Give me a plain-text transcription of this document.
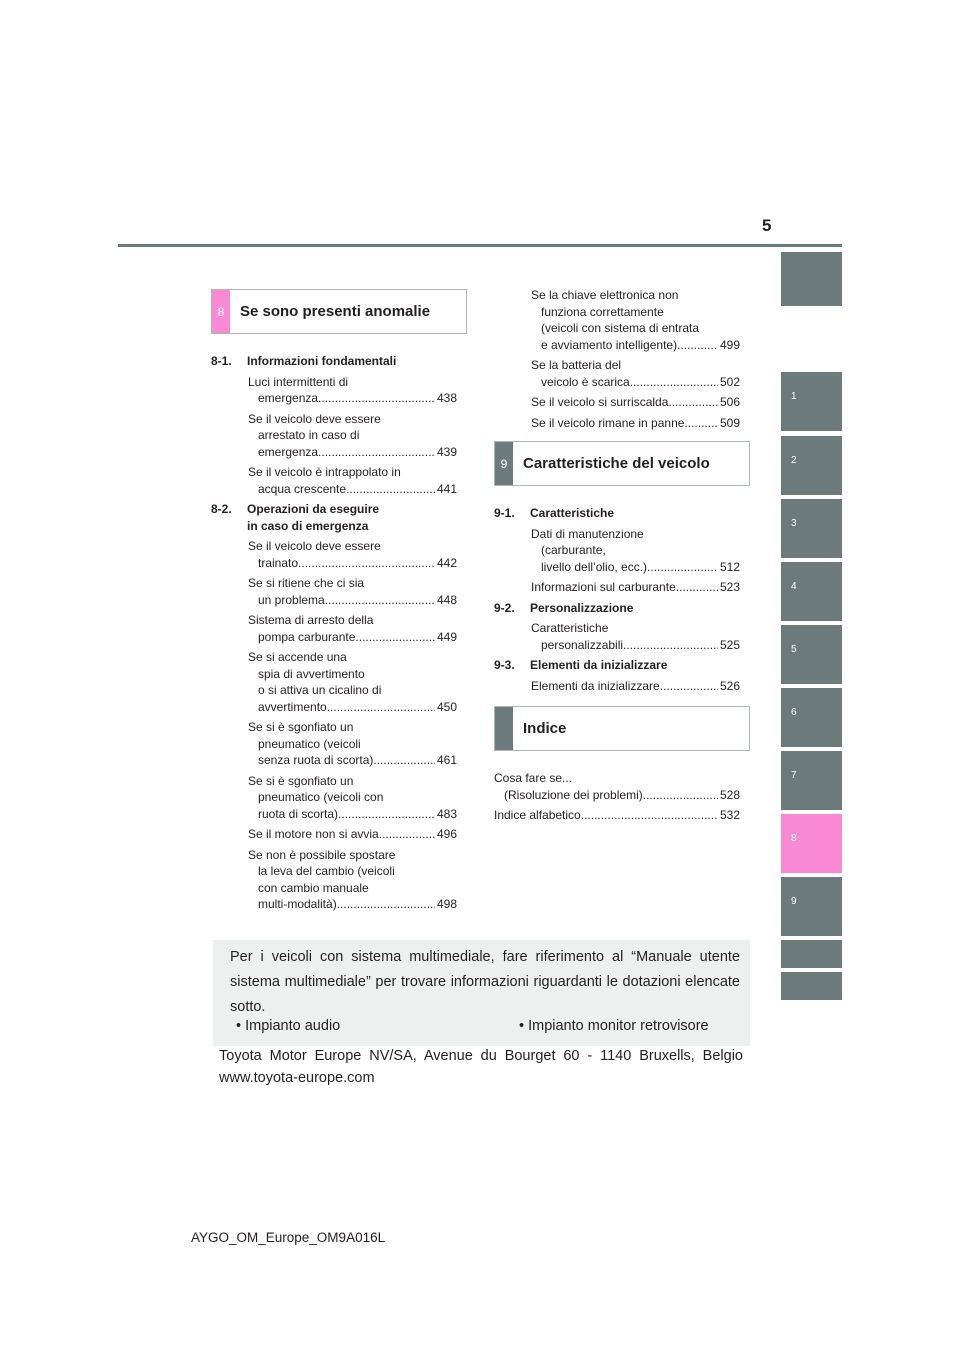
5
1
2
3
4
5
6
7
8
9
8	Se sono presenti anomalie
8-1. Informazioni fondamentali
Luci intermittenti di
emergenza .....	438
Se il veicolo deve essere
arrestato in caso di
emergenza .....	439
Se il veicolo è intrappolato in
acqua crescente .....	441
8-2. Operazioni da eseguire
in caso di emergenza
Se il veicolo deve essere
trainato .....	442
Se si ritiene che ci sia
un problema .....	448
Sistema di arresto della
pompa carburante .....	449
Se si accende una
spia di avvertimento
o si attiva un cicalino di
avvertimento .....	450
Se si è sgonfiato un
pneumatico (veicoli
senza ruota di scorta) .....	461
Se si è sgonfiato un
pneumatico (veicoli con
ruota di scorta) .....	483
Se il motore non si avvia .....	496
Se non è possibile spostare
la leva del cambio (veicoli
con cambio manuale
multi-modalità) .....	498
Se la chiave elettronica non
funziona correttamente
(veicoli con sistema di entrata
e avviamento intelligente) .....	499
Se la batteria del
veicolo è scarica .....	502
Se il veicolo si surriscalda .....	506
Se il veicolo rimane in panne .....	509
9	Caratteristiche del veicolo
9-1. Caratteristiche
Dati di manutenzione
(carburante,
livello dell’olio, ecc.) .....	512
Informazioni sul carburante .....	523
9-2. Personalizzazione
Caratteristiche
personalizzabili .....	525
9-3. Elementi da inizializzare
Elementi da inizializzare .....	526
Indice
Cosa fare se...
(Risoluzione dei problemi) .....	528
Indice alfabetico .....	532
Per i veicoli con sistema multimediale, fare riferimento al “Manuale utente sistema multimediale” per trovare informazioni riguardanti le dotazioni elencate sotto.
• Impianto audio	• Impianto monitor retrovisore
Toyota Motor Europe NV/SA, Avenue du Bourget 60 - 1140 Bruxells, Belgio www.toyota-europe.com
AYGO_OM_Europe_OM9A016L
